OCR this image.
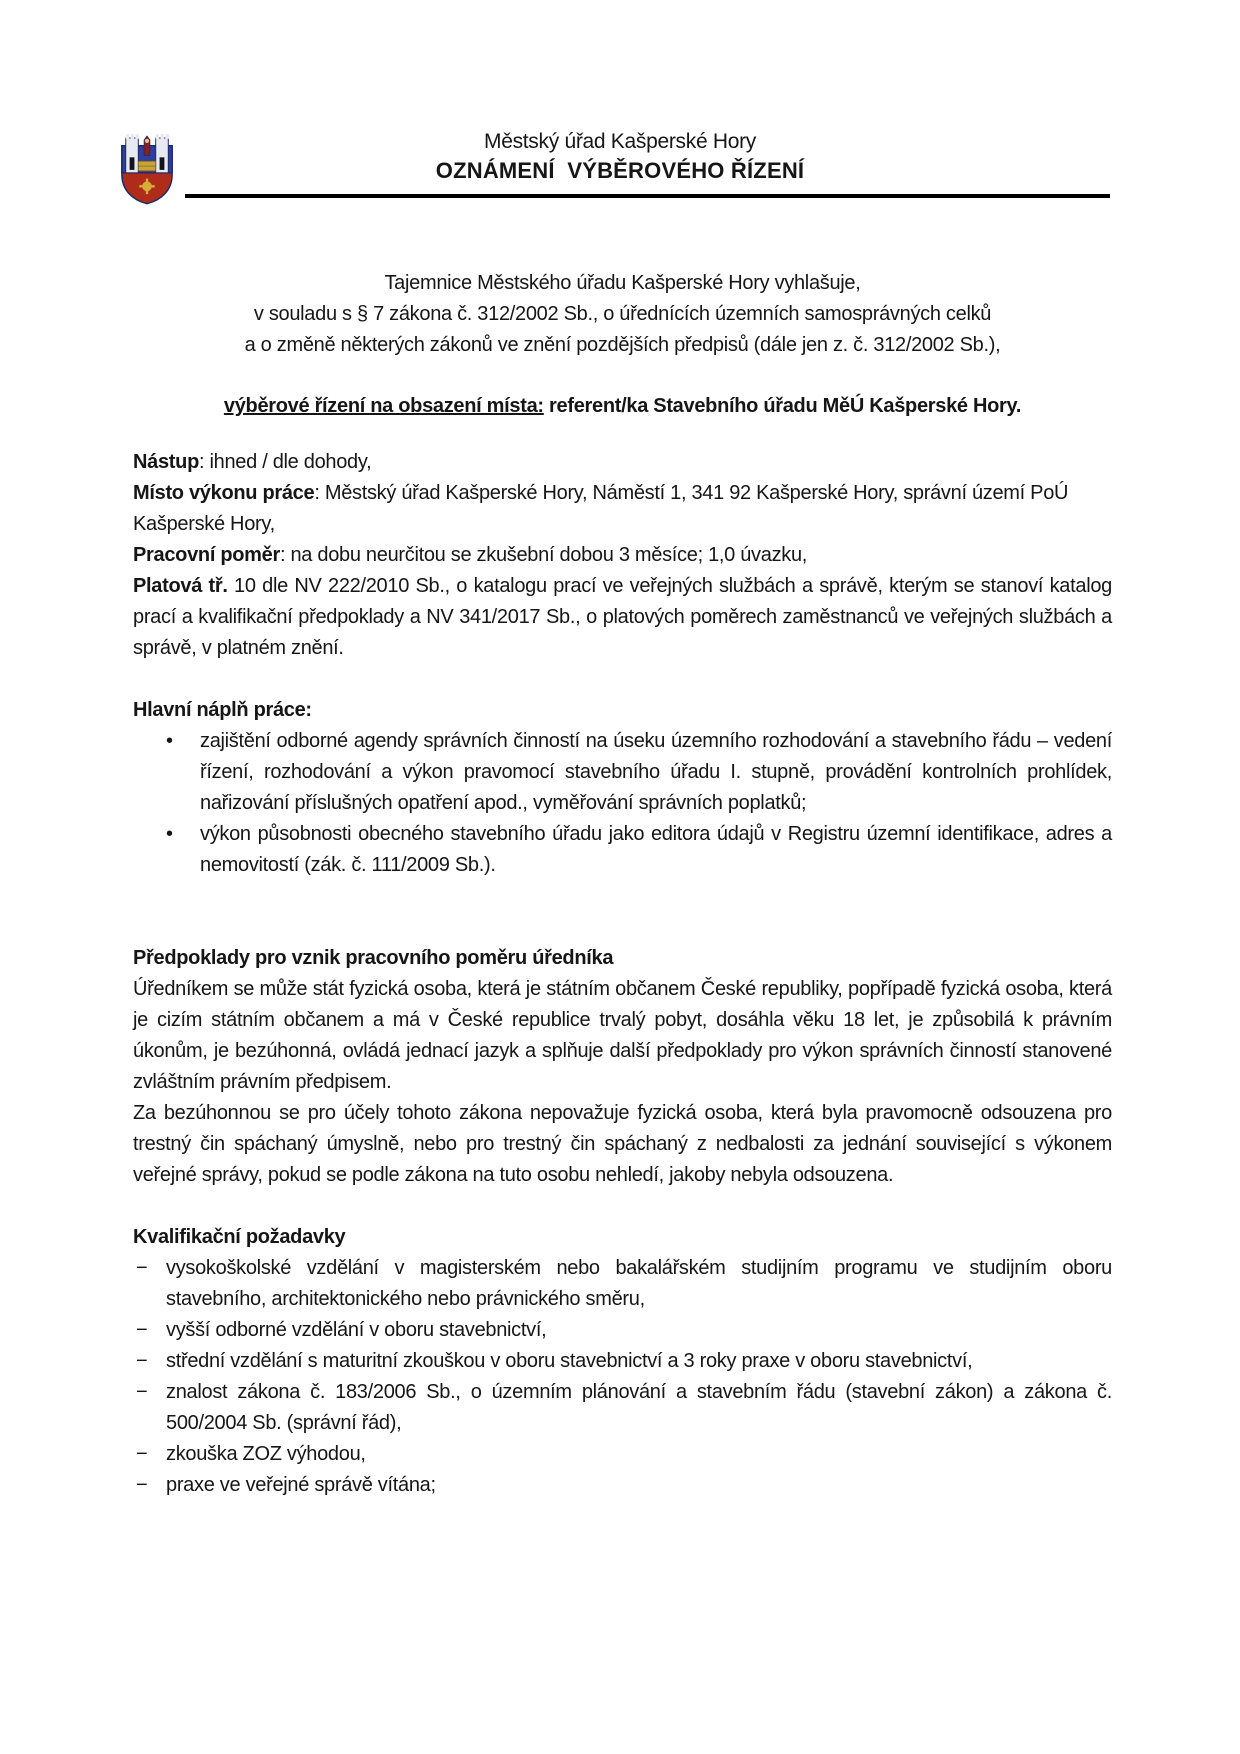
Městský úřad Kašperské Hory
OZNÁMENÍ  VÝBĚROVÉHO ŘÍZENÍ
Tajemnice Městského úřadu Kašperské Hory vyhlašuje,
v souladu s § 7 zákona č. 312/2002 Sb., o úřednících územních samosprávných celků
a o změně některých zákonů ve znění pozdějších předpisů (dále jen z. č. 312/2002 Sb.),

výběrové řízení na obsazení místa: referent/ka Stavebního úřadu MěÚ Kašperské Hory.

Nástup: ihned / dle dohody,

Místo výkonu práce: Městský úřad Kašperské Hory, Náměstí 1, 341 92 Kašperské Hory, správní území PoÚ Kašperské Hory,

Pracovní poměr: na dobu neurčitou se zkušební dobou 3 měsíce; 1,0 úvazku,

Platová tř. 10 dle NV 222/2010 Sb., o katalogu prací ve veřejných službách a správě, kterým se stanoví katalog prací a kvalifikační předpoklady a NV 341/2017 Sb., o platových poměrech zaměstnanců ve veřejných službách a správě, v platném znění.

Hlavní náplň práce:

• zajištění odborné agendy správních činností na úseku územního rozhodování a stavebního řádu – vedení řízení, rozhodování a výkon pravomocí stavebního úřadu I. stupně, provádění kontrolních prohlídek, nařizování příslušných opatření apod., vyměřování správních poplatků;
• výkon působnosti obecného stavebního úřadu jako editora údajů v Registru územní identifikace, adres a nemovitostí (zák. č. 111/2009 Sb.).

Předpoklady pro vznik pracovního poměru úředníka

Úředníkem se může stát fyzická osoba, která je státním občanem České republiky, popřípadě fyzická osoba, která je cizím státním občanem a má v České republice trvalý pobyt, dosáhla věku 18 let, je způsobilá k právním úkonům, je bezúhonná, ovládá jednací jazyk a splňuje další předpoklady pro výkon správních činností stanovené zvláštním právním předpisem.

Za bezúhonnou se pro účely tohoto zákona nepovažuje fyzická osoba, která byla pravomocně odsouzena pro trestný čin spáchaný úmyslně, nebo pro trestný čin spáchaný z nedbalosti za jednání související s výkonem veřejné správy, pokud se podle zákona na tuto osobu nehledí, jakoby nebyla odsouzena.

Kvalifikační požadavky

− vysokoškolské vzdělání v magisterském nebo bakalářském studijním programu ve studijním oboru stavebního, architektonického nebo právnického směru,
− vyšší odborné vzdělání v oboru stavebnictví,
− střední vzdělání s maturitní zkouškou v oboru stavebnictví a 3 roky praxe v oboru stavebnictví,
− znalost zákona č. 183/2006 Sb., o územním plánování a stavebním řádu (stavební zákon) a zákona č. 500/2004 Sb. (správní řád),
− zkouška ZOZ výhodou,
− praxe ve veřejné správě vítána;
